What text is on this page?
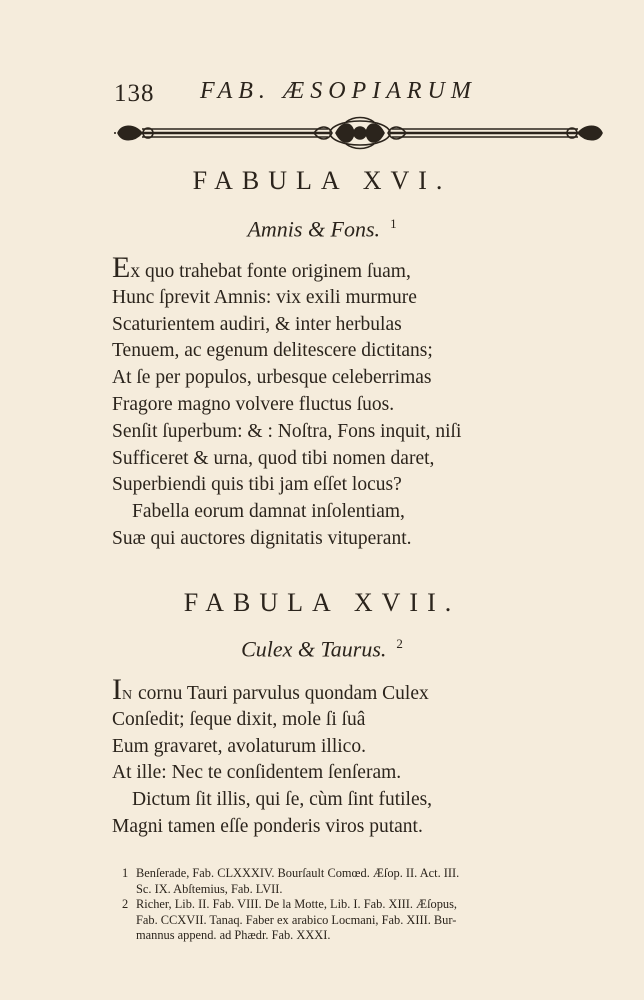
138 FAB. ÆSOPIARUM
FABULA XVI.
Amnis & Fons. $^1$
Ex quo trahebat fonte originem ſuam,
Hunc ſprevit Amnis: vix exili murmure
Scaturientem audiri, & inter herbulas
Tenuem, ac egenum delitescere dictitans;
At ſe per populos, urbesque celeberrimas
Fragore magno volvere fluctus ſuos.
Senſit ſuperbum: & : Noſtra, Fons inquit, niſi
Sufficeret & urna, quod tibi nomen daret,
Superbiendi quis tibi jam eſſet locus?
Fabella eorum damnat inſolentiam,
Suæ qui auctores dignitatis vituperant.
FABULA XVII.
Culex & Taurus. $^2$
IN cornu Tauri parvulus quondam Culex
Conſedit; ſeque dixit, mole ſi ſuâ
Eum gravaret, avolaturum illico.
At ille: Nec te conſidentem ſenſeram.
Dictum ſit illis, qui ſe, cùm ſint futiles,
Magni tamen eſſe ponderis viros putant.
1 Benſerade, Fab. CLXXXIV. Bourſault Comœd. Æſop. II. Act. III.
Sc. IX. Abſtemius, Fab. LVII.
2 Richer, Lib. II. Fab. VIII. De la Motte, Lib. I. Fab. XIII. Æſopus,
Fab. CCXVII. Tanaq. Faber ex arabico Locmani, Fab. XIII. Bur-
mannus append. ad Phædr. Fab. XXXI.
